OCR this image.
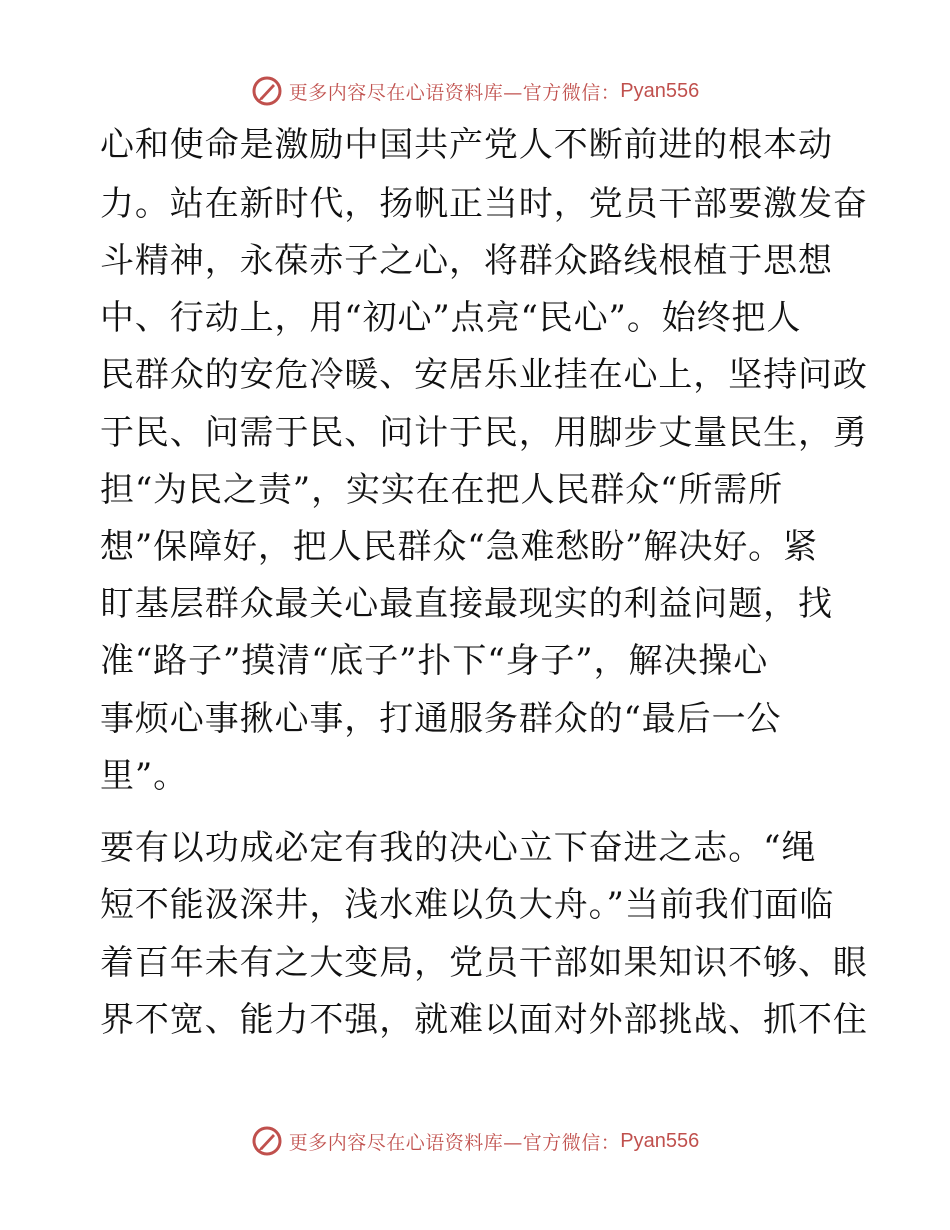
更多内容尽在心语资料库—官方微信： Pyan556
心和使命是激励中国共产党人不断前进的根本动
力。站在新时代，扬帆正当时，党员干部要激发奋
斗精神，永葆赤子之心，将群众路线根植于思想
中、行动上，用“初心”点亮“民心”。始终把人
民群众的安危冷暖、安居乐业挂在心上，坚持问政
于民、问需于民、问计于民，用脚步丈量民生，勇
担“为民之责”，实实在在把人民群众“所需所
想”保障好，把人民群众“急难愁盼”解决好。紧
盯基层群众最关心最直接最现实的利益问题，找
准“路子”摸清“底子”扑下“身子”，解决操心
事烦心事揪心事，打通服务群众的“最后一公
里”。
要有以功成必定有我的决心立下奋进之志。“绳
短不能汲深井，浅水难以负大舟。”当前我们面临
着百年未有之大变局，党员干部如果知识不够、眼
界不宽、能力不强，就难以面对外部挑战、抓不住
更多内容尽在心语资料库—官方微信： Pyan556
